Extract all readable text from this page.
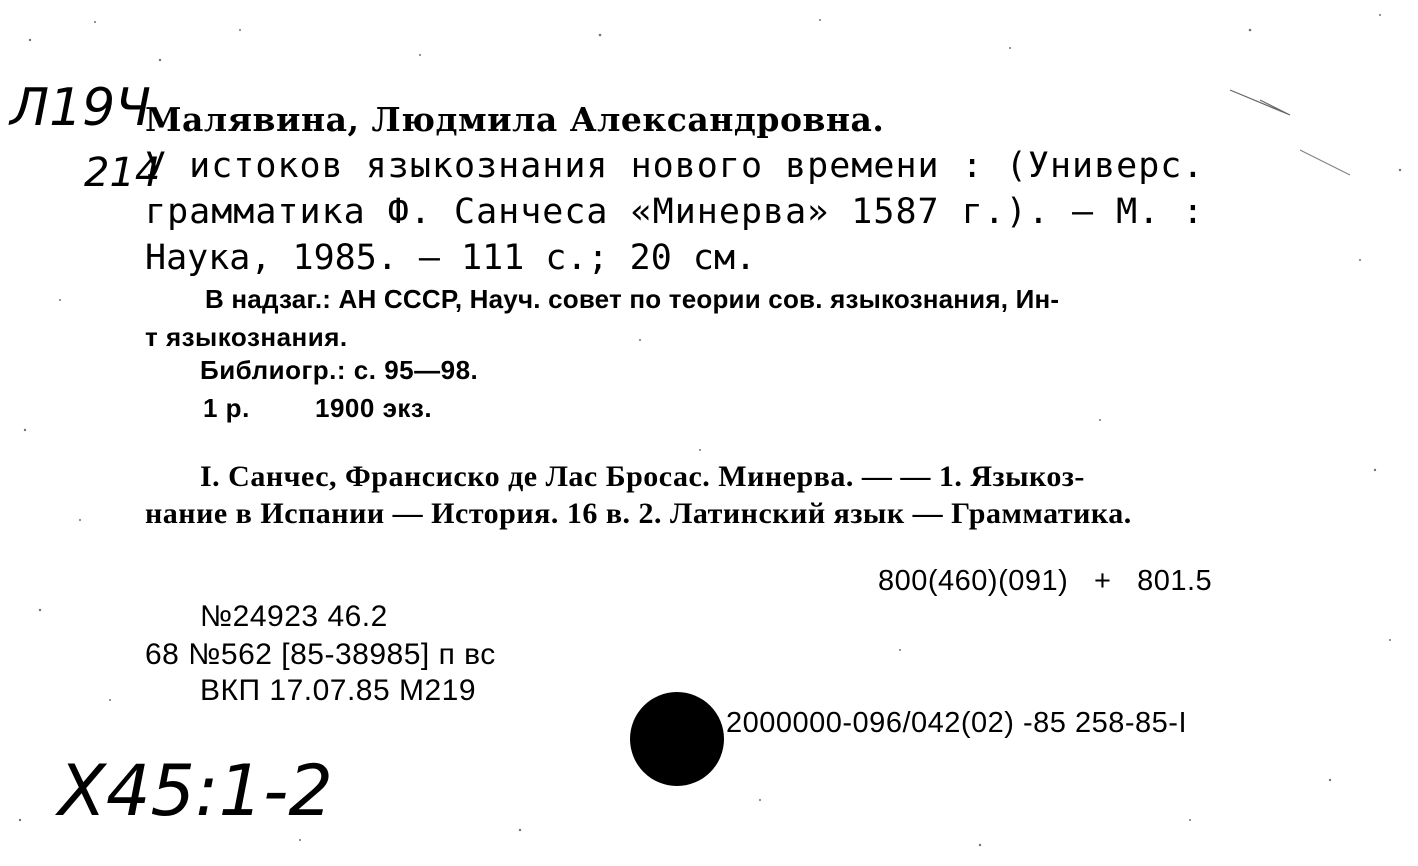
Л19Ч
214
X45:1-2
Малявина, Людмила Александровна.
У истоков языкознания нового времени : (Универс.
грамматика Ф. Санчеса «Минерва» 1587 г.). — М. :
Наука, 1985. — 111 с.; 20 см.
В надзаг.: АН СССР, Науч. совет по теории сов. языкознания, Ин-
т языкознания.
Библиогр.: с. 95—98.
1 р.	1900 экз.
I. Санчес, Франсиско де Лас Бросас. Минерва. — — 1. Языкоз-
нание в Испании — История. 16 в. 2. Латинский язык — Грамматика.
800(460)(091)   +   801.5
№24923 46.2
68 №562 [85-38985] п вс
ВКП 17.07.85 M219
2000000-096/042(02) -85 258-85-I
